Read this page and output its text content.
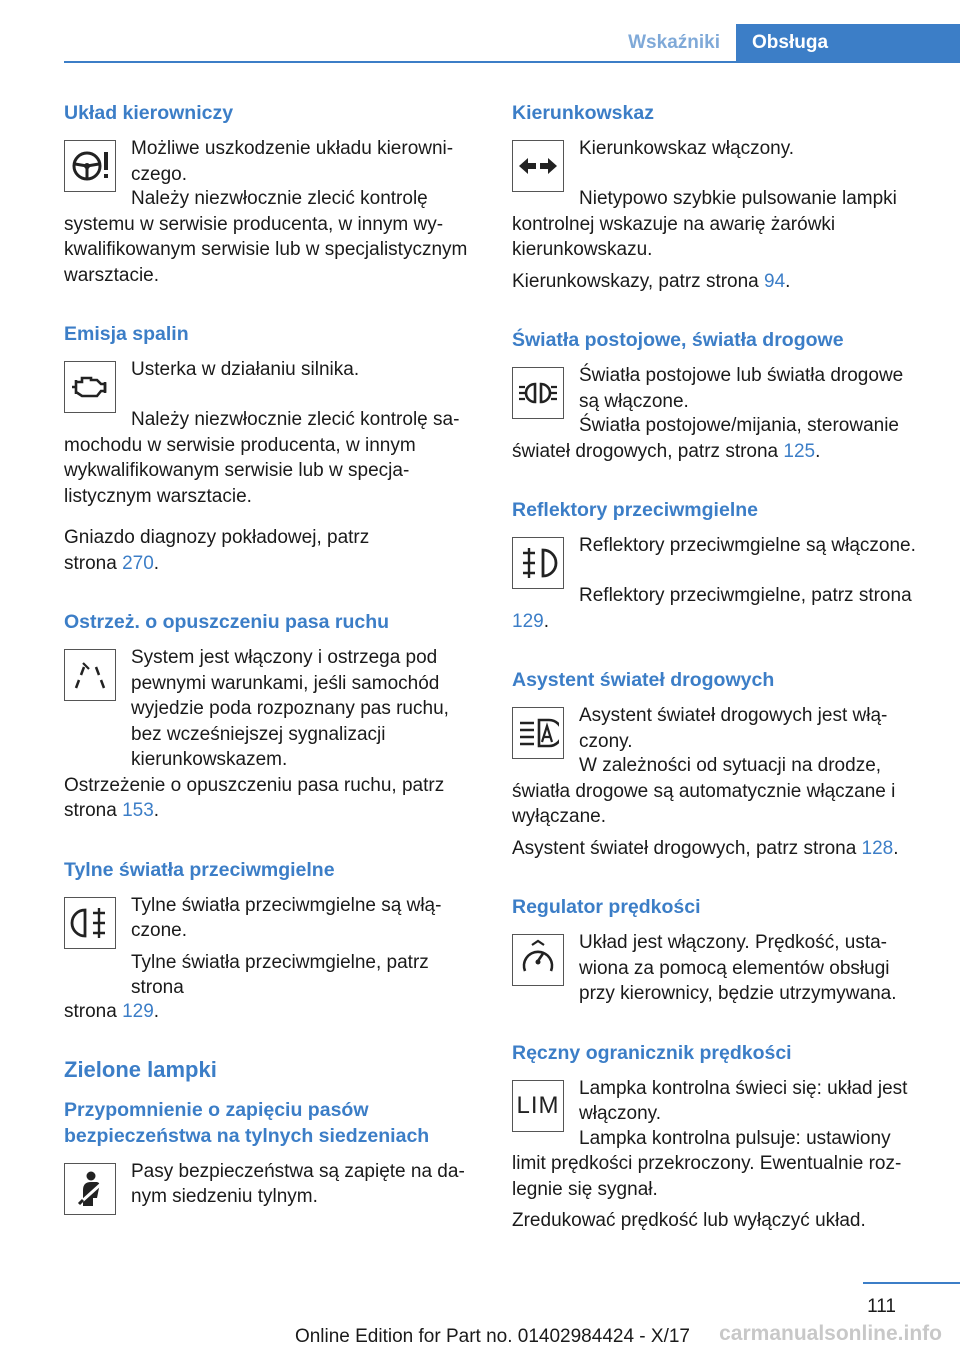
Wskaźniki	Obsługa
Układ kierowniczy

Możliwe uszkodzenie układu kierowniczego.

Należy niezwłocznie zlecić kontrolę systemu w serwisie producenta, w innym wykwalifikowanym serwisie lub w specjalistycznym warsztacie.

Emisja spalin

Usterka w działaniu silnika.

Należy niezwłocznie zlecić kontrolę samochodu w serwisie producenta, w innym wykwalifikowanym serwisie lub w specjalistycznym warsztacie.

Gniazdo diagnozy pokładowej, patrz strona 270.

Ostrzeż. o opuszczeniu pasa ruchu

System jest włączony i ostrzega pod pewnymi warunkami, jeśli samochód wyjedzie poda rozpoznany pas ruchu, bez wcześniejszej sygnalizacji kierunkowskazem.

Ostrzeżenie o opuszczeniu pasa ruchu, patrz strona 153.

Tylne światła przeciwmgielne

Tylne światła przeciwmgielne są włączone.

Tylne światła przeciwmgielne, patrz strona

strona 129.

Zielone lampki
Przypomnienie o zapięciu pasów bezpieczeństwa na tylnych siedzeniach

Pasy bezpieczeństwa są zapięte na danym siedzeniu tylnym.

Kierunkowskaz

Kierunkowskaz włączony.

Nietypowo szybkie pulsowanie lampki kontrolnej wskazuje na awarię żarówki kierunkowskazu.

Kierunkowskazy, patrz strona 94.

Światła postojowe, światła drogowe

Światła postojowe lub światła drogowe są włączone.

Światła postojowe/mijania, sterowanie świateł drogowych, patrz strona 125.

Reflektory przeciwmgielne

Reflektory przeciwmgielne są włączone.

Reflektory przeciwmgielne, patrz strona 129.

Asystent świateł drogowych

Asystent świateł drogowych jest włączony.

W zależności od sytuacji na drodze, światła drogowe są automatycznie włączane i wyłączane.

Asystent świateł drogowych, patrz strona 128.

Regulator prędkości

Układ jest włączony. Prędkość, ustawiona za pomocą elementów obsługi przy kierownicy, będzie utrzymywana.

Ręczny ogranicznik prędkości
LIM

Lampka kontrolna świeci się: układ jest włączony.

Lampka kontrolna pulsuje: ustawiony limit prędkości przekroczony. Ewentualnie rozlegnie się sygnał.

Zredukować prędkość lub wyłączyć układ.

111
Online Edition for Part no. 01402984424 - X/17 carmanualsonline.info
